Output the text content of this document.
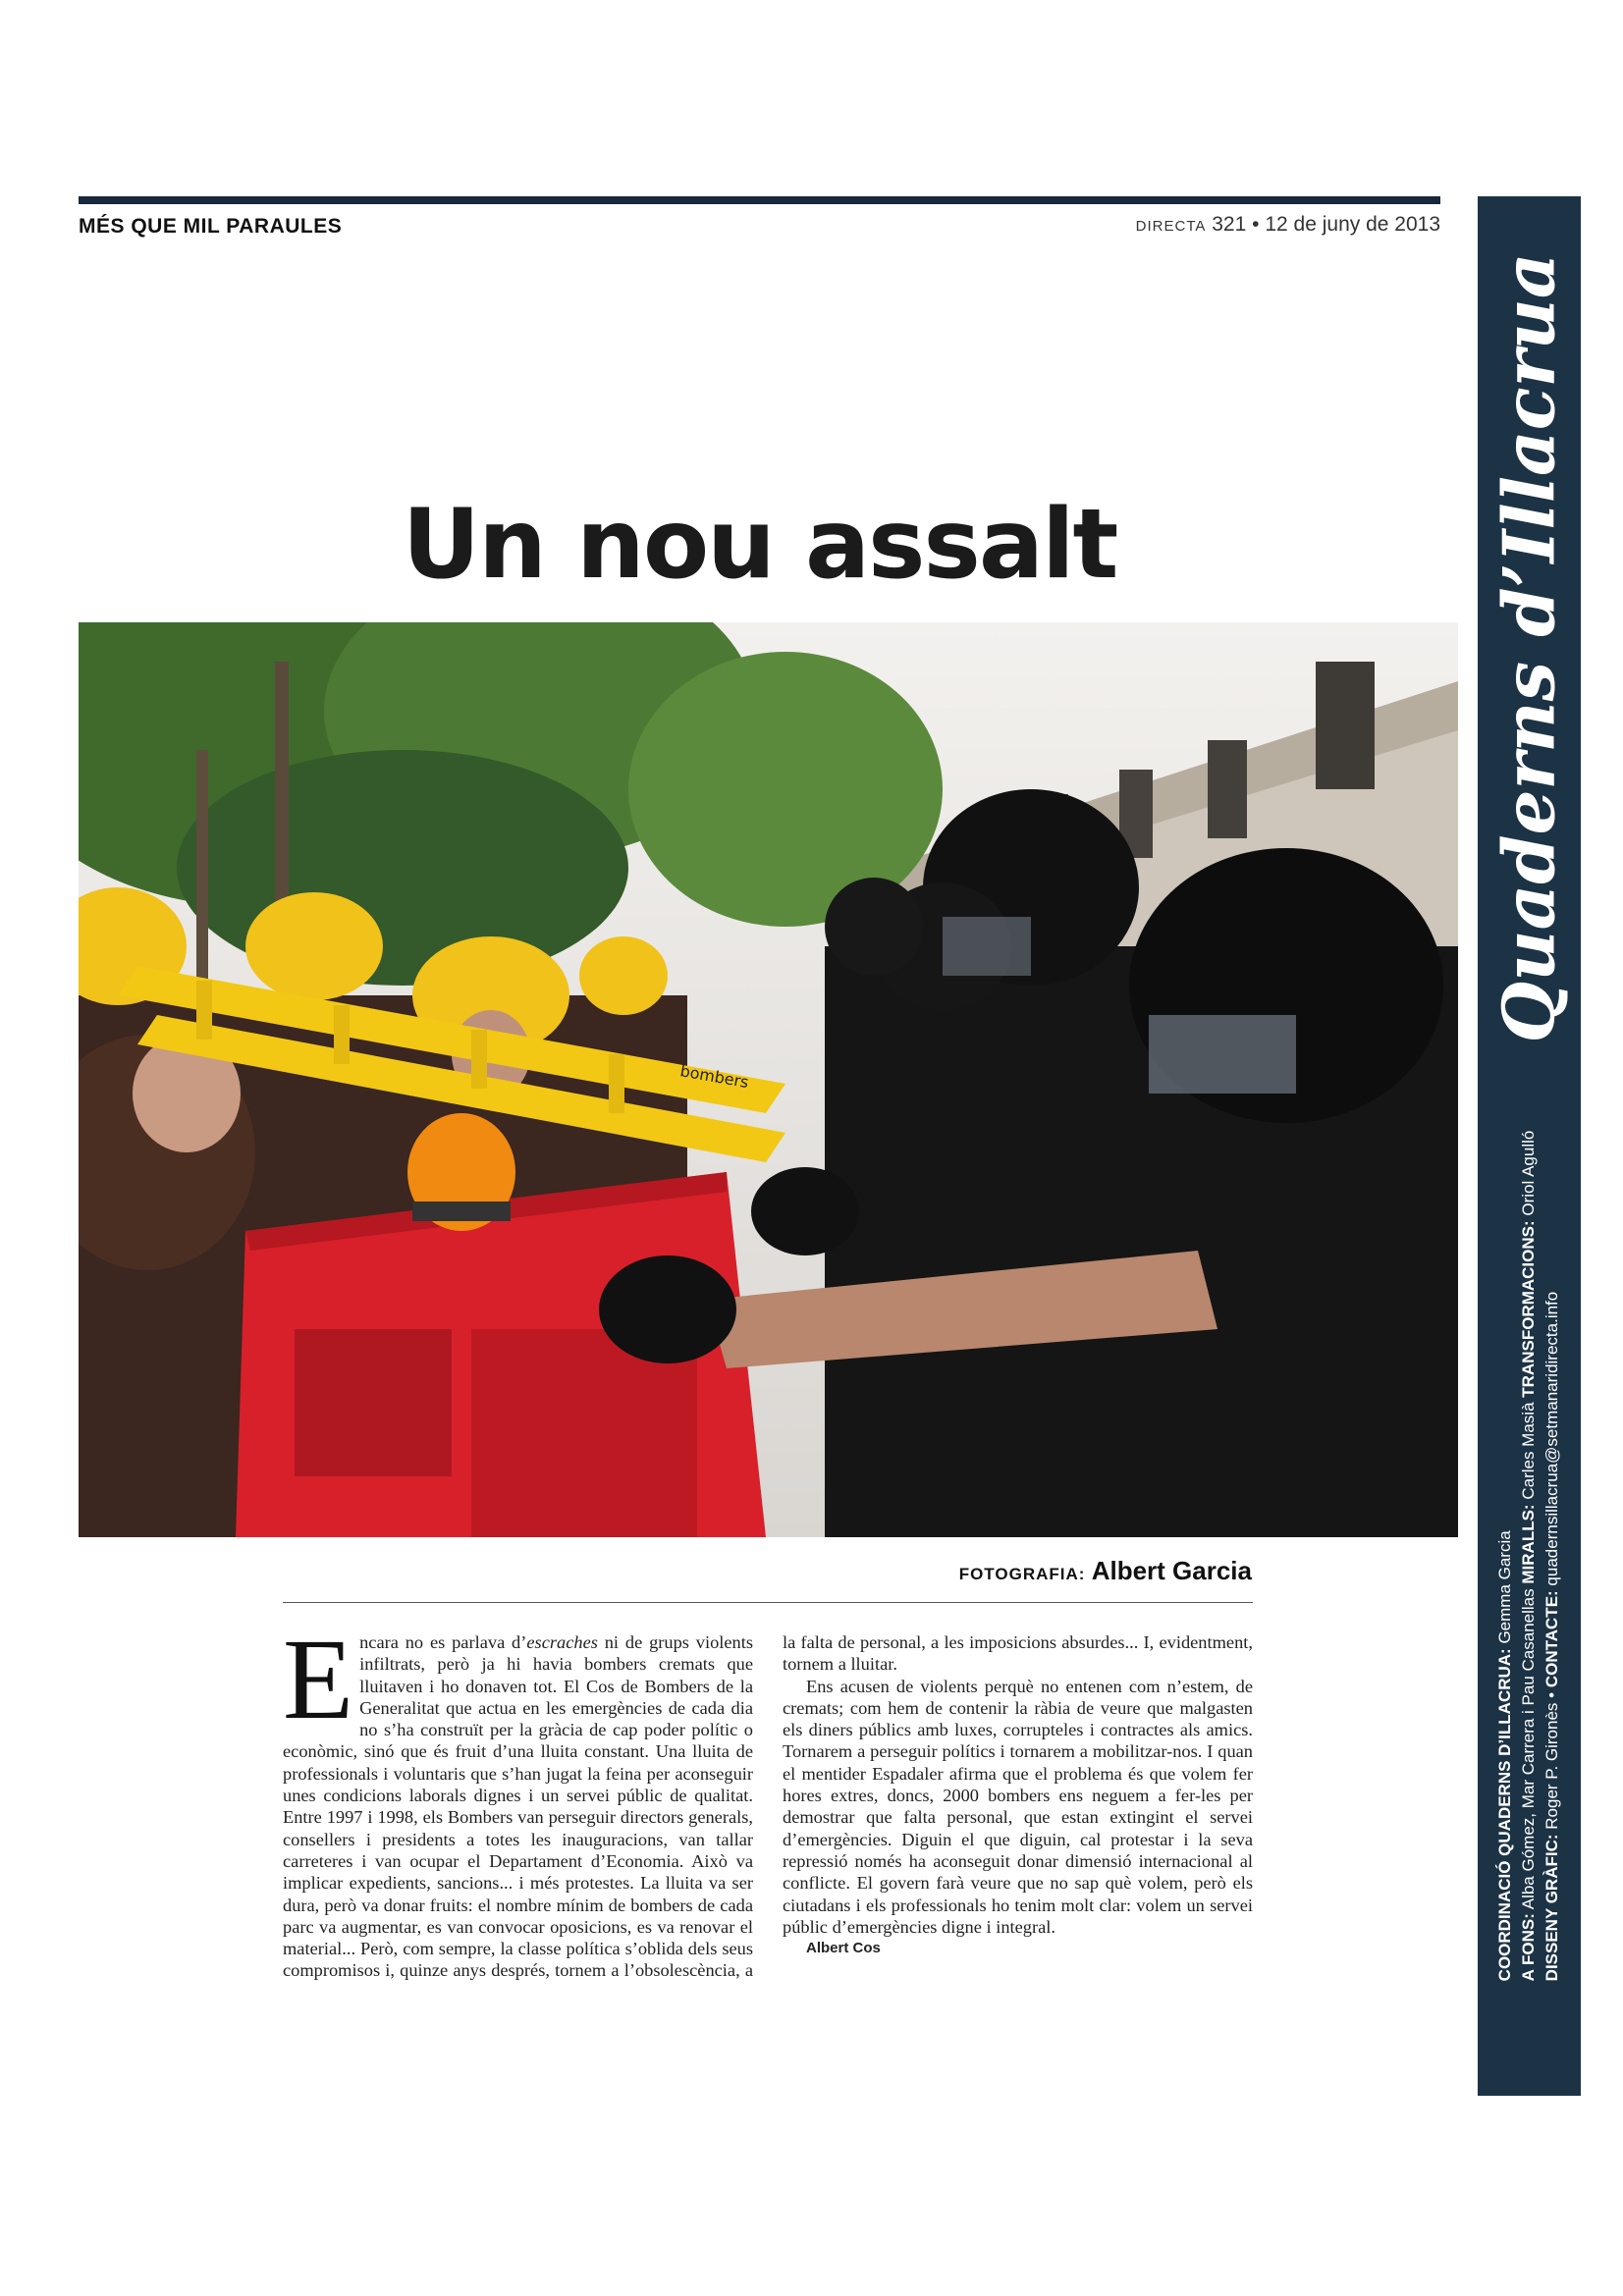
MÉS QUE MIL PARAULES	DIRECTA 321 • 12 de juny de 2013
Quaderns d’Illacrua
COORDINACIÓ QUADERNS D’ILLACRUA: Gemma Garcia
A FONS: Alba Gómez, Mar Carrera i Pau Casanellas MIRALLS: Carles Masià TRANSFORMACIONS: Oriol Agulló
DISSENY GRÀFIC: Roger P. Gironès • CONTACTE: quadernsillacrua@setmanaridirecta.info
Un nou assalt
bombers
FOTOGRAFIA: Albert Garcia

Encara no es parlava d’escraches ni de grups violents infiltrats, però ja hi havia bombers cremats que lluitaven i ho donaven tot. El Cos de Bombers de la Generalitat que actua en les emergències de cada dia no s’ha construït per la gràcia de cap poder polític o econòmic, sinó que és fruit d’una lluita constant. Una lluita de professionals i voluntaris que s’han jugat la feina per aconseguir unes condicions laborals dignes i un servei públic de qualitat. Entre 1997 i 1998, els Bombers van perseguir directors generals, consellers i presidents a totes les inauguracions, van tallar carreteres i van ocupar el Departament d’Economia. Això va implicar expedients, sancions... i més protestes. La lluita va ser dura, però va donar fruits: el nombre mínim de bombers de cada parc va augmentar, es van convocar oposicions, es va renovar el material... Però, com sempre, la classe política s’oblida dels seus compromisos i, quinze anys després, tornem a l’obsolescència, a la falta de personal, a les imposicions absurdes... I, evidentment, tornem a lluitar.

Ens acusen de violents perquè no entenen com n’estem, de cremats; com hem de contenir la ràbia de veure que malgasten els diners públics amb luxes, corrupteles i contractes als amics. Tornarem a perseguir polítics i tornarem a mobilitzar-nos. I quan el mentider Espadaler afirma que el problema és que volem fer hores extres, doncs, 2000 bombers ens neguem a fer-les per demostrar que falta personal, que estan extingint el servei d’emergències. Diguin el que diguin, cal protestar i la seva repressió només ha aconseguit donar dimensió internacional al conflicte. El govern farà veure que no sap què volem, però els ciutadans i els professionals ho tenim molt clar: volem un servei públic d’emergències digne i integral.

Albert Cos
